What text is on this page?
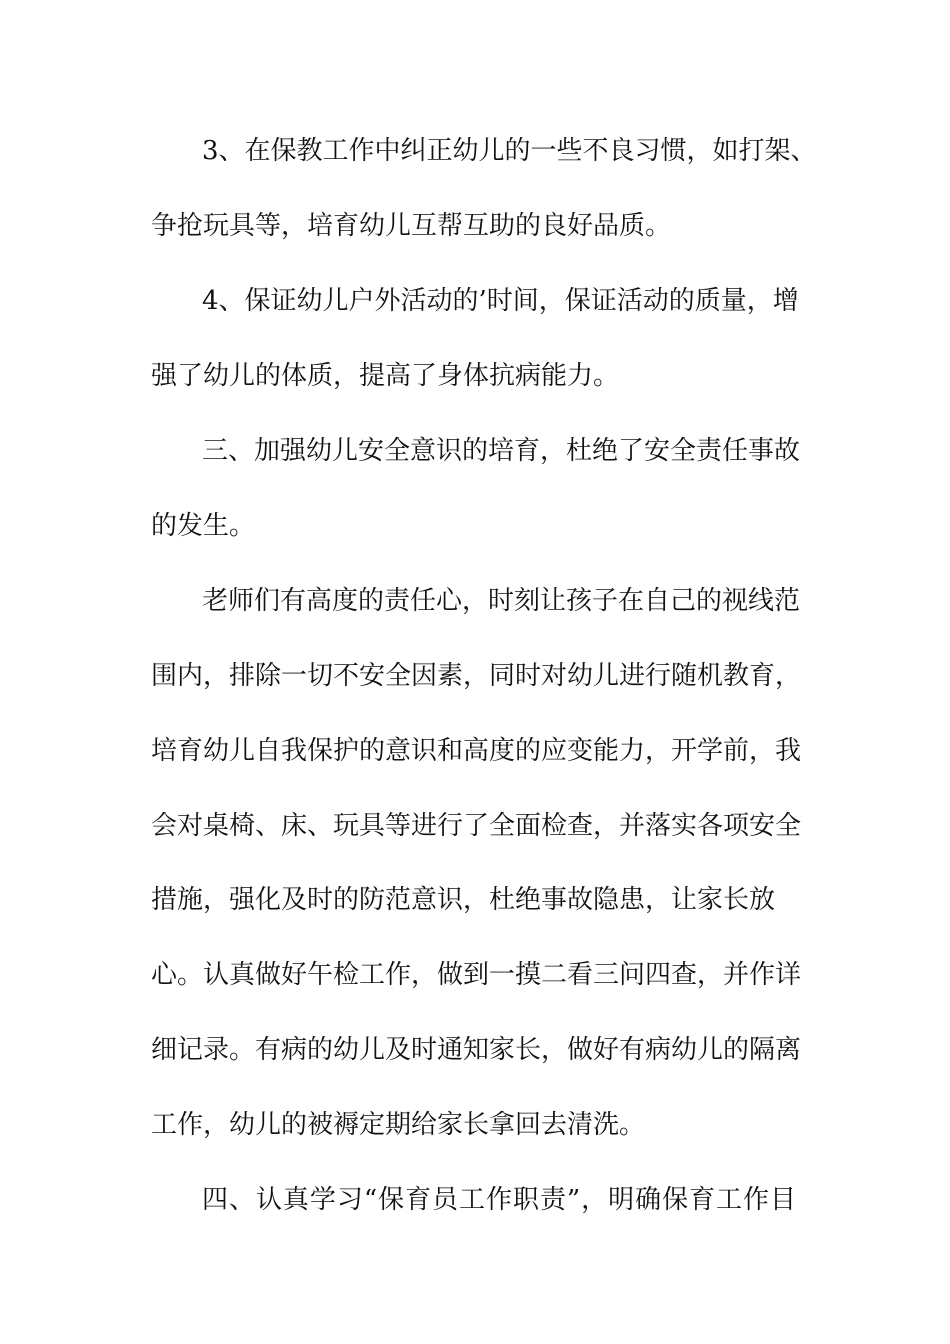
3、在保教工作中纠正幼儿的一些不良习惯，如打架、
争抢玩具等，培育幼儿互帮互助的良好品质。
4、保证幼儿户外活动的’时间，保证活动的质量，增
强了幼儿的体质，提高了身体抗病能力。
三、加强幼儿安全意识的培育，杜绝了安全责任事故
的发生。
老师们有高度的责任心，时刻让孩子在自己的视线范
围内，排除一切不安全因素，同时对幼儿进行随机教育，
培育幼儿自我保护的意识和高度的应变能力，开学前，我
会对桌椅、床、玩具等进行了全面检查，并落实各项安全
措施，强化及时的防范意识，杜绝事故隐患，让家长放
心。认真做好午检工作，做到一摸二看三问四查，并作详
细记录。有病的幼儿及时通知家长，做好有病幼儿的隔离
工作，幼儿的被褥定期给家长拿回去清洗。
四、认真学习“保育员工作职责”，明确保育工作目
